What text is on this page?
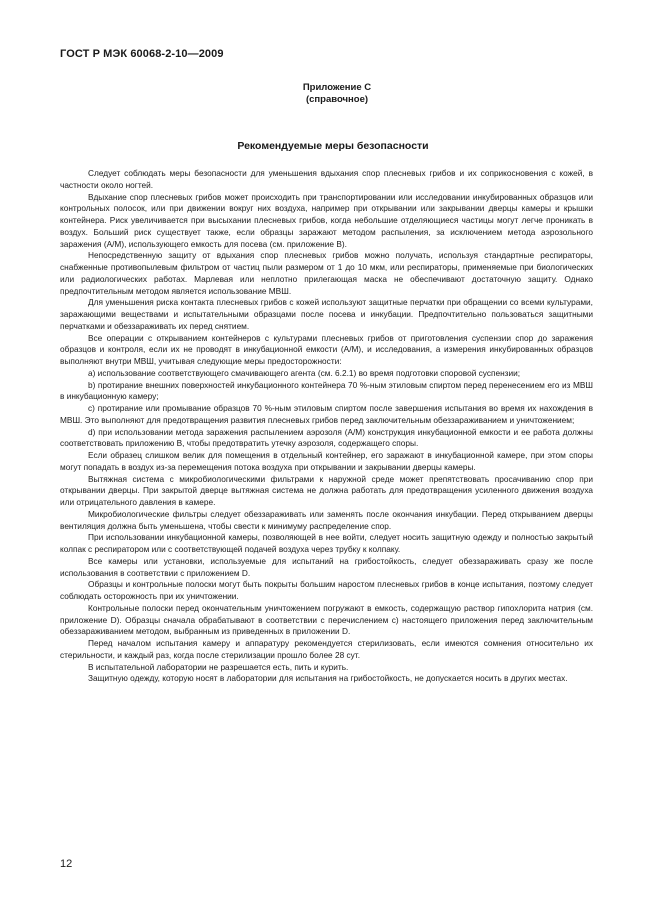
ГОСТ Р МЭК 60068-2-10—2009
Приложение С
(справочное)
Рекомендуемые меры безопасности

Следует соблюдать меры безопасности для уменьшения вдыхания спор плесневых грибов и их соприкосновения с кожей, в частности около ногтей.

Вдыхание спор плесневых грибов может происходить при транспортировании или исследовании инкубированных образцов или контрольных полосок, или при движении вокруг них воздуха, например при открывании или закрывании дверцы камеры и крышки контейнера. Риск увеличивается при высыхании плесневых грибов, когда небольшие отделяющиеся частицы могут легче проникать в воздух. Больший риск существует также, если образцы заражают методом распыления, за исключением метода аэрозольного заражения (А/М), использующего емкость для посева (см. приложение В).

Непосредственную защиту от вдыхания спор плесневых грибов можно получать, используя стандартные респираторы, снабженные противопылевым фильтром от частиц пыли размером от 1 до 10 мкм, или респираторы, применяемые при биологических или радиологических работах. Марлевая или неплотно прилегающая маска не обеспечивают достаточную защиту. Однако предпочтительным методом является использование МВШ.

Для уменьшения риска контакта плесневых грибов с кожей используют защитные перчатки при обращении со всеми культурами, заражающими веществами и испытательными образцами после посева и инкубации. Предпочтительно пользоваться защитными перчатками и обеззараживать их перед снятием.

Все операции с открыванием контейнеров с культурами плесневых грибов от приготовления суспензии спор до заражения образцов и контроля, если их не проводят в инкубационной емкости (А/М), и исследования, а измерения инкубированных образцов выполняют внутри МВШ, учитывая следующие меры предосторожности:

а) использование соответствующего смачивающего агента (см. 6.2.1) во время подготовки споровой суспензии;

b) протирание внешних поверхностей инкубационного контейнера 70 %-ным этиловым спиртом перед перенесением его из МВШ в инкубационную камеру;

с) протирание или промывание образцов 70 %-ным этиловым спиртом после завершения испытания во время их нахождения в МВШ. Это выполняют для предотвращения развития плесневых грибов перед заключительным обеззараживанием и уничтожением;

d) при использовании метода заражения распылением аэрозоля (А/М) конструкция инкубационной емкости и ее работа должны соответствовать приложению В, чтобы предотвратить утечку аэрозоля, содержащего споры.

Если образец слишком велик для помещения в отдельный контейнер, его заражают в инкубационной камере, при этом споры могут попадать в воздух из-за перемещения потока воздуха при открывании и закрывании дверцы камеры.

Вытяжная система с микробиологическими фильтрами к наружной среде может препятствовать просачиванию спор при открывании дверцы. При закрытой дверце вытяжная система не должна работать для предотвращения усиленного движения воздуха или отрицательного давления в камере.

Микробиологические фильтры следует обеззараживать или заменять после окончания инкубации. Перед открыванием дверцы вентиляция должна быть уменьшена, чтобы свести к минимуму распределение спор.

При использовании инкубационной камеры, позволяющей в нее войти, следует носить защитную одежду и полностью закрытый колпак с респиратором или с соответствующей подачей воздуха через трубку к колпаку.

Все камеры или установки, используемые для испытаний на грибостойкость, следует обеззараживать сразу же после использования в соответствии с приложением D.

Образцы и контрольные полоски могут быть покрыты большим наростом плесневых грибов в конце испытания, поэтому следует соблюдать осторожность при их уничтожении.

Контрольные полоски перед окончательным уничтожением погружают в емкость, содержащую раствор гипохлорита натрия (см. приложение D). Образцы сначала обрабатывают в соответствии с перечислением с) настоящего приложения перед заключительным обеззараживанием методом, выбранным из приведенных в приложении D.

Перед началом испытания камеру и аппаратуру рекомендуется стерилизовать, если имеются сомнения относительно их стерильности, и каждый раз, когда после стерилизации прошло более 28 сут.

В испытательной лаборатории не разрешается есть, пить и курить.

Защитную одежду, которую носят в лаборатории для испытания на грибостойкость, не допускается носить в других местах.

12
